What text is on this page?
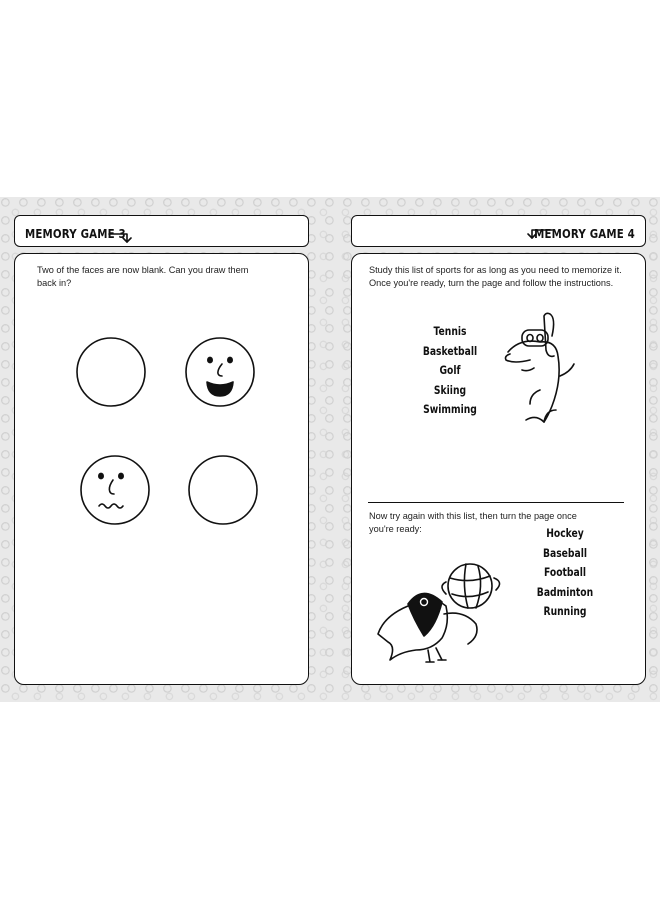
MEMORY GAME 3
Two of the faces are now blank. Can you draw them back in?
MEMORY GAME 4
Study this list of sports for as long as you need to memorize it. Once you're ready, turn the page and follow the instructions.
Tennis
Basketball
Golf
Skiing
Swimming
Now try again with this list, then turn the page once you're ready:	Hockey
Baseball
Football
Badminton
Running
